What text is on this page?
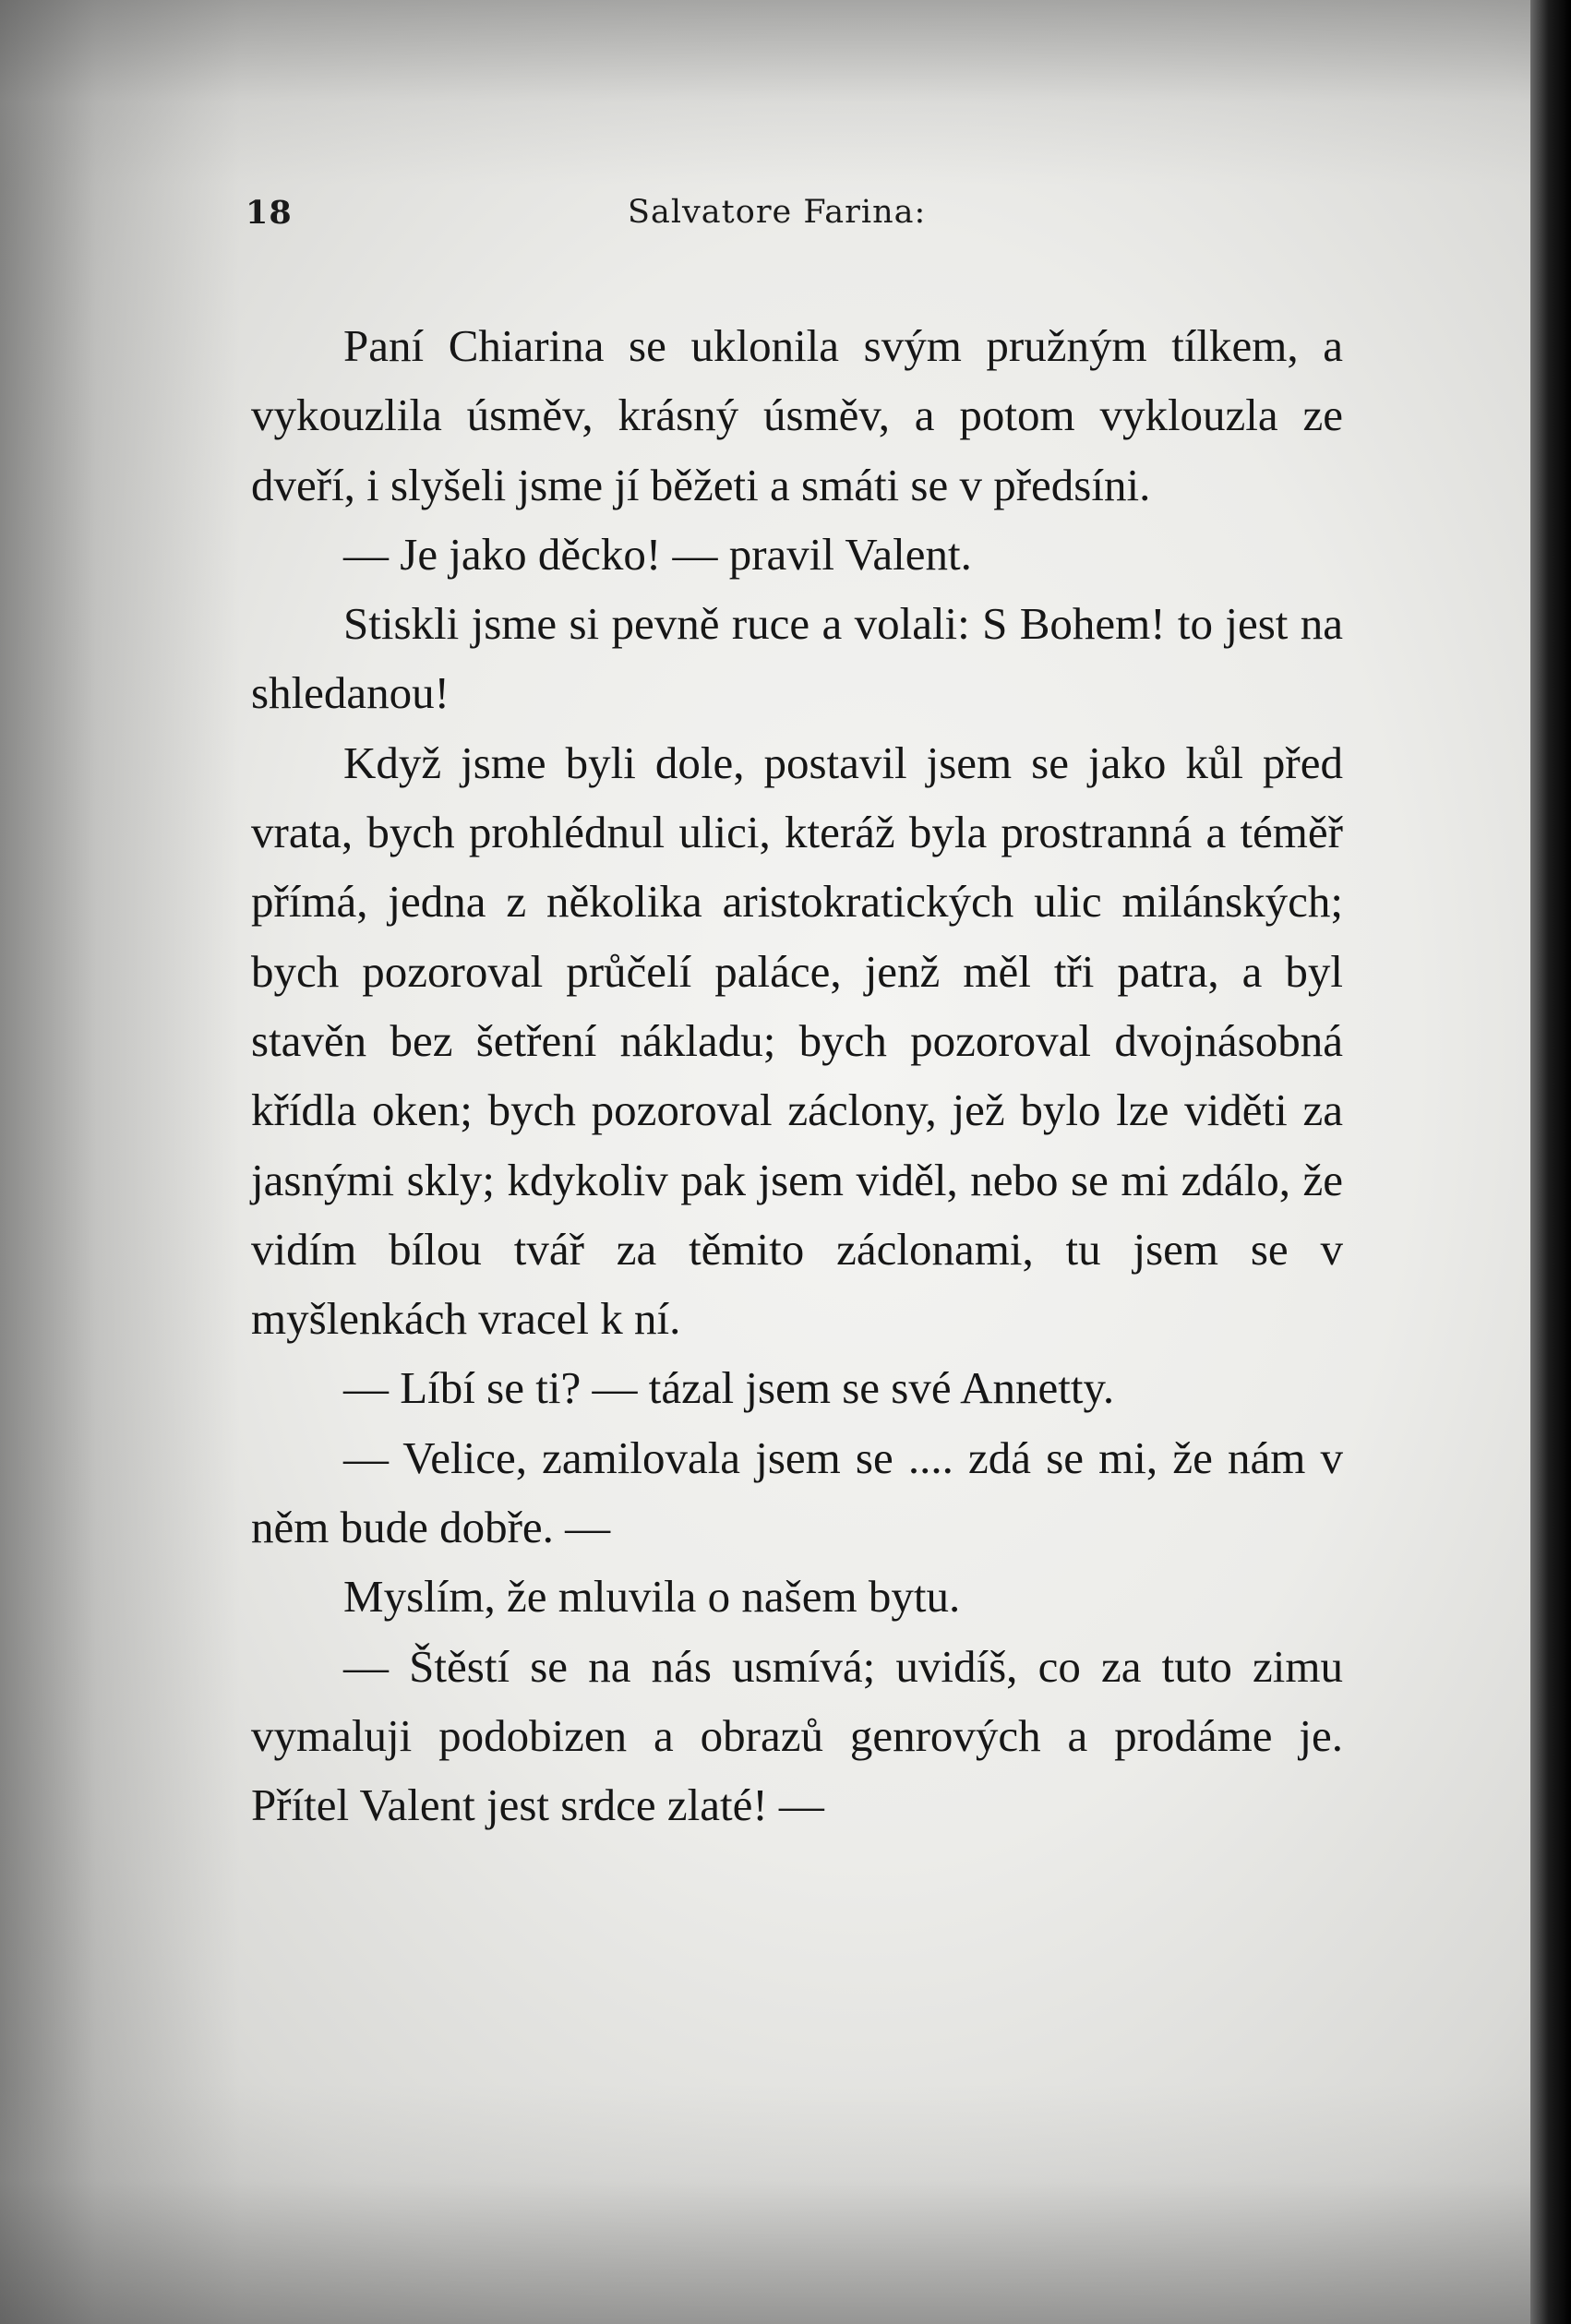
18	Salvatore Farina:

Paní Chiarina se uklonila svým pružným tílkem, a vykouzlila úsměv, krásný úsměv, a potom vyklouzla ze dveří, i slyšeli jsme jí běžeti a smáti se v předsíni.

— Je jako děcko! — pravil Valent.

Stiskli jsme si pevně ruce a volali: S Bohem! to jest na shledanou!

Když jsme byli dole, postavil jsem se jako kůl před vrata, bych prohlédnul ulici, kteráž byla prostranná a téměř přímá, jedna z několika aristokratických ulic milánských; bych pozoroval průčelí paláce, jenž měl tři patra, a byl stavěn bez šetření nákladu; bych pozoroval dvojnásobná křídla oken; bych pozoroval záclony, jež bylo lze viděti za jasnými skly; kdykoliv pak jsem viděl, nebo se mi zdálo, že vidím bílou tvář za těmito záclonami, tu jsem se v myšlenkách vracel k ní.

— Líbí se ti? — tázal jsem se své Annetty.

— Velice, zamilovala jsem se .... zdá se mi, že nám v něm bude dobře. —

Myslím, že mluvila o našem bytu.

— Štěstí se na nás usmívá; uvidíš, co za tuto zimu vymaluji podobizen a obrazů genrových a prodáme je. Přítel Valent jest srdce zlaté! —
